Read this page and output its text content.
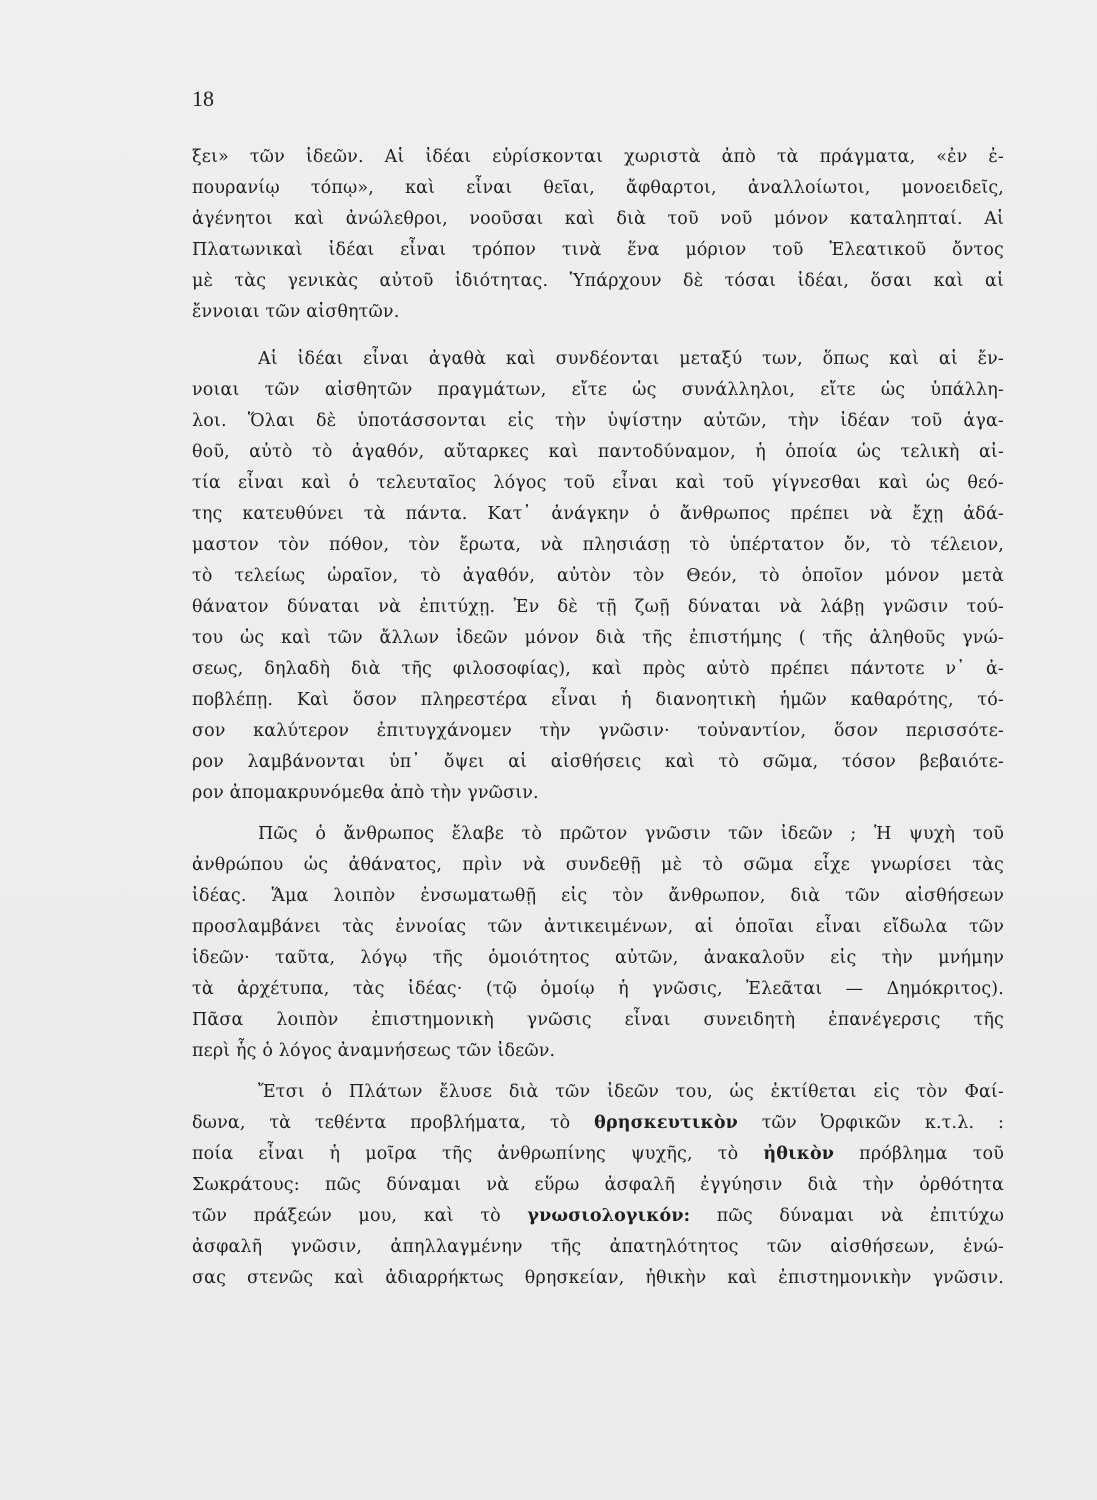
18
ξει» τῶν ἰδεῶν. Αἱ ἰδέαι εὑρίσκονται χωριστὰ ἀπὸ τὰ πράγματα, «ἐν ἐ-
πουρανίῳ τόπῳ», καὶ εἶναι θεῖαι, ἄφθαρτοι, ἀναλλοίωτοι, μονοειδεῖς,
ἀγένητοι καὶ ἀνώλεθροι, νοοῦσαι καὶ διὰ τοῦ νοῦ μόνον καταληπταί. Αἱ
Πλατωνικαὶ ἰδέαι εἶναι τρόπον τινὰ ἕνα μόριον τοῦ Ἐλεατικοῦ ὄντος
μὲ τὰς γενικὰς αὐτοῦ ἰδιότητας. Ὑπάρχουν δὲ τόσαι ἰδέαι, ὅσαι καὶ αἱ
ἔννοιαι τῶν αἰσθητῶν.
Αἱ ἰδέαι εἶναι ἀγαθὰ καὶ συνδέονται μεταξύ των, ὅπως καὶ αἱ ἔν-
νοιαι τῶν αἰσθητῶν πραγμάτων, εἴτε ὡς συνάλληλοι, εἴτε ὡς ὑπάλλη-
λοι. Ὅλαι δὲ ὑποτάσσονται εἰς τὴν ὑψίστην αὐτῶν, τὴν ἰδέαν τοῦ ἀγα-
θοῦ, αὐτὸ τὸ ἀγαθόν, αὔταρκες καὶ παντοδύναμον, ἡ ὁποία ὡς τελικὴ αἰ-
τία εἶναι καὶ ὁ τελευταῖος λόγος τοῦ εἶναι καὶ τοῦ γίγνεσθαι καὶ ὡς θεό-
της κατευθύνει τὰ πάντα. Κατ᾽ ἀνάγκην ὁ ἄνθρωπος πρέπει νὰ ἔχῃ ἀδά-
μαστον τὸν πόθον, τὸν ἔρωτα, νὰ πλησιάσῃ τὸ ὑπέρτατον ὄν, τὸ τέλειον,
τὸ τελείως ὡραῖον, τὸ ἀγαθόν, αὐτὸν τὸν Θεόν, τὸ ὁποῖον μόνον μετὰ
θάνατον δύναται νὰ ἐπιτύχῃ. Ἐν δὲ τῇ ζωῇ δύναται νὰ λάβῃ γνῶσιν τού-
του ὡς καὶ τῶν ἄλλων ἰδεῶν μόνον διὰ τῆς ἐπιστήμης ( τῆς ἀληθοῦς γνώ-
σεως, δηλαδὴ διὰ τῆς φιλοσοφίας), καὶ πρὸς αὐτὸ πρέπει πάντοτε ν᾽ ἀ-
ποβλέπῃ. Καὶ ὅσον πληρεστέρα εἶναι ἡ διανοητικὴ ἡμῶν καθαρότης, τό-
σον καλύτερον ἐπιτυγχάνομεν τὴν γνῶσιν· τοὐναντίον, ὅσον περισσότε-
ρον λαμβάνονται ὑπ᾽ ὄψει αἱ αἰσθήσεις καὶ τὸ σῶμα, τόσον βεβαιότε-
ρον ἀπομακρυνόμεθα ἀπὸ τὴν γνῶσιν.
Πῶς ὁ ἄνθρωπος ἔλαβε τὸ πρῶτον γνῶσιν τῶν ἰδεῶν ; Ἡ ψυχὴ τοῦ
ἀνθρώπου ὡς ἀθάνατος, πρὶν νὰ συνδεθῇ μὲ τὸ σῶμα εἶχε γνωρίσει τὰς
ἰδέας. Ἅμα λοιπὸν ἐνσωματωθῇ εἰς τὸν ἄνθρωπον, διὰ τῶν αἰσθήσεων
προσλαμβάνει τὰς ἐννοίας τῶν ἀντικειμένων, αἱ ὁποῖαι εἶναι εἴδωλα τῶν
ἰδεῶν· ταῦτα, λόγῳ τῆς ὁμοιότητος αὐτῶν, ἀνακαλοῦν εἰς τὴν μνήμην
τὰ ἀρχέτυπα, τὰς ἰδέας· (τῷ ὁμοίῳ ἡ γνῶσις, Ἐλεᾶται — Δημόκριτος).
Πᾶσα λοιπὸν ἐπιστημονικὴ γνῶσις εἶναι συνειδητὴ ἐπανέγερσις τῆς
περὶ ἧς ὁ λόγος ἀναμνήσεως τῶν ἰδεῶν.
Ἔτσι ὁ Πλάτων ἔλυσε διὰ τῶν ἰδεῶν του, ὡς ἐκτίθεται εἰς τὸν Φαί-
δωνα, τὰ τεθέντα προβλήματα, τὸ θρησκευτικὸν τῶν Ὀρφικῶν κ.τ.λ. :
ποία εἶναι ἡ μοῖρα τῆς ἀνθρωπίνης ψυχῆς, τὸ ἠθικὸν πρόβλημα τοῦ
Σωκράτους: πῶς δύναμαι νὰ εὕρω ἀσφαλῆ ἐγγύησιν διὰ τὴν ὀρθότητα
τῶν πράξεών μου, καὶ τὸ γνωσιολογικόν: πῶς δύναμαι νὰ ἐπιτύχω
ἀσφαλῆ γνῶσιν, ἀπηλλαγμένην τῆς ἀπατηλότητος τῶν αἰσθήσεων, ἑνώ-
σας στενῶς καὶ ἀδιαρρήκτως θρησκείαν, ἠθικὴν καὶ ἐπιστημονικὴν γνῶσιν.
